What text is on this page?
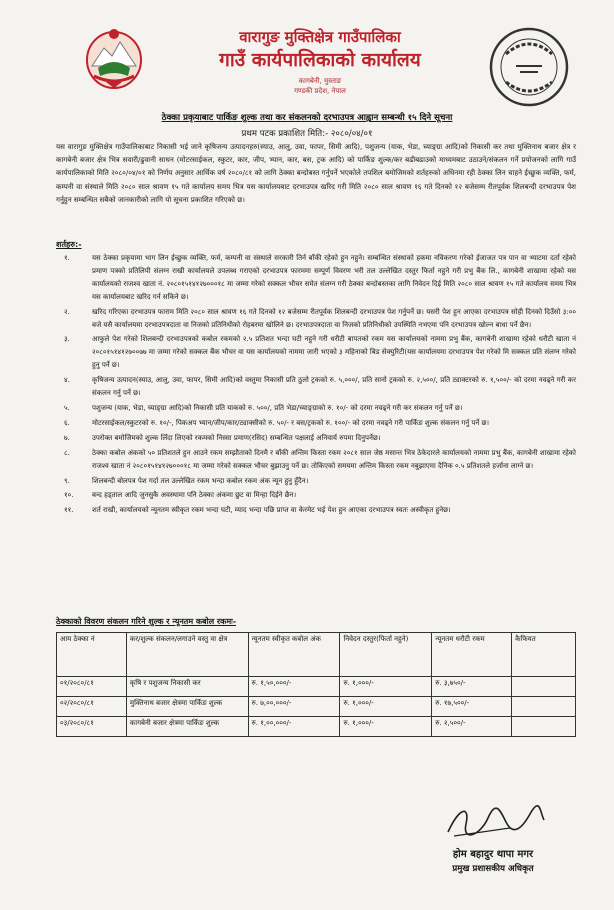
वारागुङ मुक्तिक्षेत्र गाउँपालिका
गाउँ कार्यपालिकाको कार्यालय
कागबेनी, मुस्ताङ
गण्डकी प्रदेश, नेपाल
ठेक्का प्रकृयाबाट पार्किङ शुल्क तथा कर संकलनको दरभाउपत्र आह्वान सम्बन्धी १५ दिने सूचना
प्रथम पटक प्रकाशित मिति:- २०८०/०४/०१

यस वारागुङ मुक्तिक्षेत्र गाउँपालिकाबाट निकासी भई जाने कृषिजन्य उत्पादनहरु(स्याउ, आलु, उवा, फापर, सिमी आदि), पशुजन्य (याक, भेडा, च्याङ्ग्रा आदि)को निकासी कर तथा मुक्तिनाथ बजार क्षेत्र र कागबेनी बजार क्षेत्र भित्र सवारी/ढुवानी साधन (मोटरसाईकल, स्कुटर, कार, जीप, भ्यान, कार, बस, ट्रक आदि) को पार्किङ शुल्क/कर बढीबढाउको माध्यमबाट उठाउने/संकलन गर्ने प्रयोजनको लागि गाउँ कार्यपालिकाको मिति २०८०/०४/०१ को निर्णय अनुसार आर्थिक वर्ष २०८०/८१ को लागि ठेक्का बन्दोबस्त गर्नुपर्ने भएकोले तपशिल बमोजिमको शर्तहरुको अधिनमा रही ठेक्का लिन चाहने ईच्छुक व्यक्ति, फर्म, कम्पनी वा संस्थाले मिति २०८० साल श्रावण १५ गते कार्यालय समय भित्र यस कार्यालयबाट दरभाउपत्र खरिद गरी मिति २०८० साल श्रावण १६ गते दिनको १२ बजेसम्म रीतपूर्वक शिलबन्दी दरभाउपत्र पेश गर्नुहुन सम्बन्धित सबैको जानकारीको लागि यो सूचना प्रकाशित गरिएको छ।

शर्तहरु:-
१.	यस ठेक्का प्रकृयामा भाग लिन ईच्छुक व्यक्ति, फर्म, कम्पनी वा संस्थाले सरकारी तिर्न बाँकी रहेको हुन नहुने। सम्बन्धित संस्थाको हकमा नविकरण गरेको ईजाजत पत्र पान वा भ्याटमा दर्ता रहेको प्रमाण पत्रको प्रतिलिपी संलग्न राखी कार्यालयले उपलब्ध गराएको दरभाउपत्र फारममा सम्पूर्ण विवरण भरी तल उल्लेखित दस्तुर फिर्ता नहुने गरी प्रभु बैंक लि., कागबेनी शाखामा रहेको यस कार्यालयको राजश्व खाता नं. २०८०१५१४१२७०००१८ मा जम्मा गरेको सक्कल भौचर समेत संलग्न गरी ठेक्का बन्दोबस्तका लागि निवेदन दिई मिति २०८० साल श्रावण १५ गते कार्यालय समय भित्र यस कार्यालयबाट खरिद गर्न सकिने छ।
२.	खरिद गरिएका दरभाउपत्र फाराम मिति २०८० साल श्रावण १६ गते दिनको १२ बजेसम्म रीतपूर्वक शिलबन्दी दरभाउपत्र पेश गर्नुपर्ने छ। यसरी पेश हुन आएका दरभाउपत्र सोही दिनको दिउँसो ३:०० बजे यसै कार्यालयमा दरभाउपत्रदाता वा निजको प्रतिनिधीको रोहबरमा खोलिने छ। दरभाउपत्रदाता वा निजको प्रतिनिधीको उपस्थिति नभएमा पनि दरभाउपत्र खोल्न बाधा पर्ने छैन।
३.	आफुले पेश गरेको शिलबन्दी दरभाउपत्रको कबोल रकमको २.५ प्रतिशत भन्दा घटी नहुने गरी धरौटी बापतको रकम यस कार्यालयको नाममा प्रभु बैंक, कागबेनी शाखामा रहेको धरौटी खाता नं २०८०१५१४१२७००७७ मा जम्मा गरेको सक्कल बैंक भौचर वा यस कार्यालयको नाममा जारी भएको ३ महिनाको बिड सेक्युरिटी(यस कार्यालयमा दरभाउपत्र पेश गरेको मि सक्कल प्रति संलग्न गरेको हुनु पर्ने छ।
४.	कृषिजन्य उत्पादन(स्याउ, आलु, उवा, फापर, सिमी आदि)को वस्तुमा निकासी प्रति ठुलो ट्रकको रु. ५,०००/, प्रति सानो ट्रकको रु. २,५००/, प्रति ट्याक्टरको रु. १,५००/- को दरमा नवढ्ने गरी कर संकलन गर्नु पर्ने छ।
५.	पशुजन्य (याक, भेडा, च्याङ्ग्रा आदि)को निकासी प्रति याकको रु. ५००/, प्रति भेडा/च्याङ्ग्राको रु. १०/- को दरमा नवढ्ने गरी कर संकलन गर्नु पर्ने छ।
६.	मोटरसाईकल/स्कुटरको रु. १०/-, पिकअप भ्यान/जीप/कार/ट्याक्सीको रु. ५०/- र बस/ट्रकको रु. १००/- को दरमा नवढ्ने गरी पार्किङ शुल्क संकलन गर्नु पर्ने छ।
७.	उपरोक्त बमोजिमको शुल्क लिँदा लिएको रकमको निस्सा प्रमाण(रसिद) सम्बन्धित पक्षलाई अनिवार्य रुपमा दिनुपर्नेछ।
८.	ठेक्का कबोल अंकको ५० प्रतिशतले हुन आउने रकम सम्झौताको दिनमै र बाँकी अन्तिम किस्ता रकम २०८१ साल जेष्ठ मसान्त भित्र ठेकेदारले कार्यालयको नाममा प्रभु बैंक, कागबेनी शाखामा रहेको राजश्व खाता नं २०८०१५१४१२७०००१८ मा जम्मा गरेको सक्कल भौचर बुझाउनु पर्ने छ। तोकिएको समयमा अन्तिम किस्ता रकम नबुझाएमा दैनिक ०.५ प्रतिशतले हर्जाना लाग्ने छ।
९.	शिलबन्दी बोलपत्र पेश गर्दा तल उल्लेखित रकम भन्दा कबोल रकम अंक न्यून हुनु हुँदैन।
१०.	बन्द हड्ताल आदि जुनसुकै अवस्थामा पनि ठेक्का अंकमा छुट वा मिन्हा दिईने छैन।
११.	शर्त राखी, कार्यालयको न्यूनतम स्वीकृत रकम भन्दा घटी, म्याद भन्दा पछि प्राप्त वा केरमेट भई पेश हुन आएका दरभाउपत्र स्वतः अस्वीकृत हुनेछ।
ठेक्काको विवरण संकलन गरिने शुल्क र न्यूनतम कबोल रकमः-
आय ठेक्का नं	कर/शुल्क संकलन/लगाउने वस्तु वा क्षेत्र	न्यूनतम स्वीकृत कबोल अंक	निवेदन दस्तुर(फिर्ता नहुने)	न्यूनतम धरौटी रकम	कैफियत
०१/२०८०/८१	कृषि र पशुजन्य निकासी कर	रु. १,५०,०००/-	रु. १,०००/-	रु. ३,७५०/-	
०२/२०८०/८१	मुक्तिनाथ बजार क्षेत्रमा पार्किङ शुल्क	रु. ७,००,०००/-	रु. १,०००/-	रु. १७,५००/-	
०३/२०८०/८१	कागबेनी बजार क्षेत्रमा पार्किङ शुल्क	रु. १,००,०००/-	रु. १,०००/-	रु. २,५००/-	
होम बहादुर थापा मगर
प्रमुख प्रशासकीय अधिकृत
